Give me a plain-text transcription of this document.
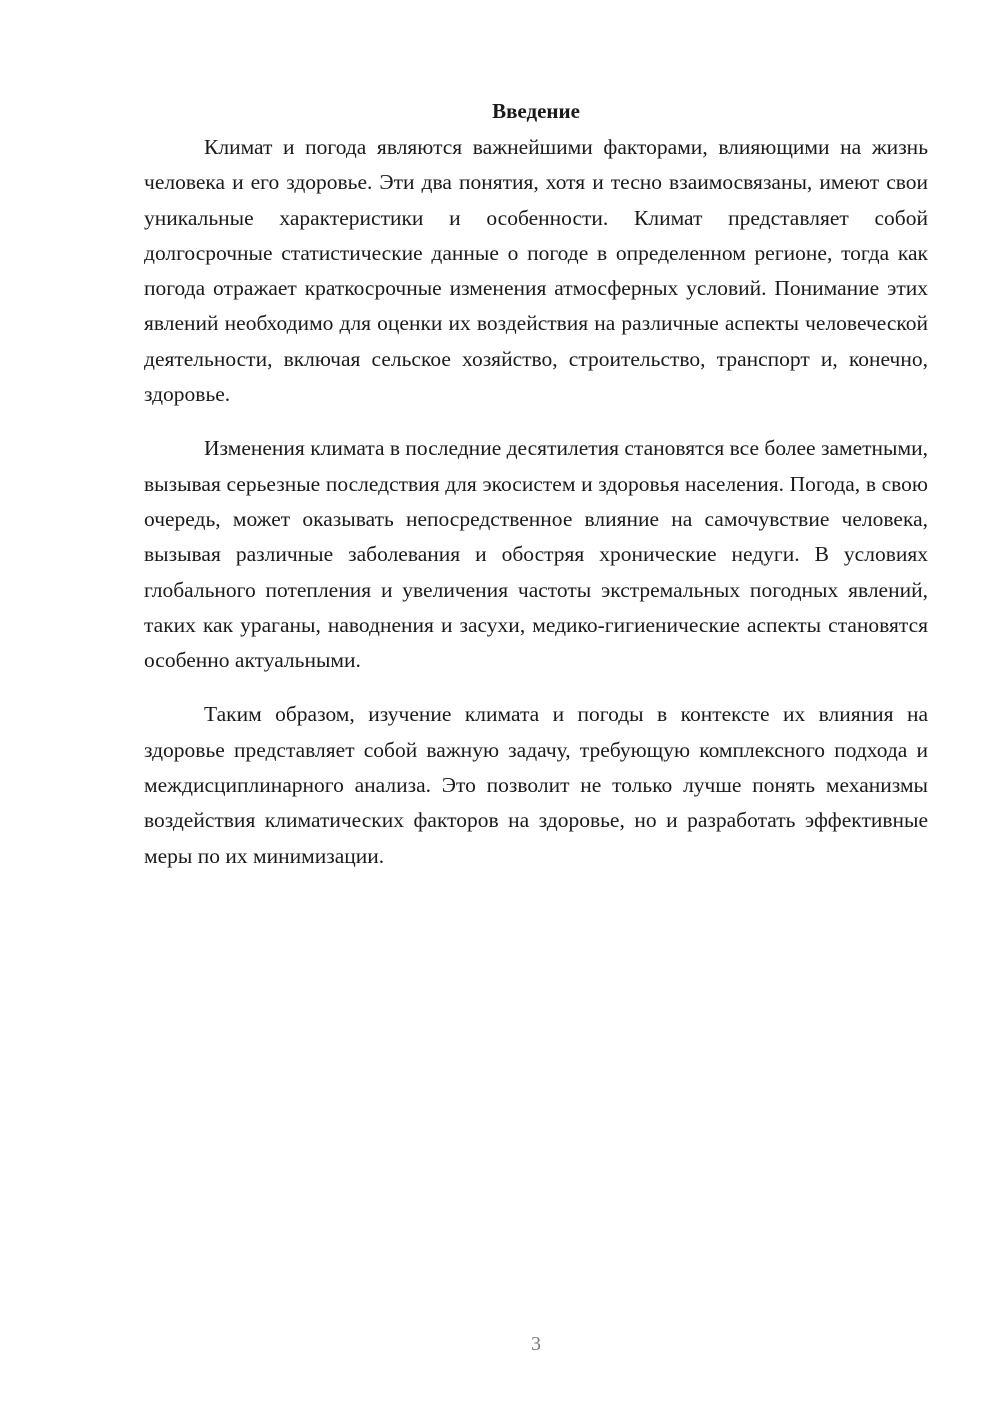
Введение

Климат и погода являются важнейшими факторами, влияющими на жизнь человека и его здоровье. Эти два понятия, хотя и тесно взаимосвязаны, имеют свои уникальные характеристики и особенности. Климат представляет собой долгосрочные статистические данные о погоде в определенном регионе, тогда как погода отражает краткосрочные изменения атмосферных условий. Понимание этих явлений необходимо для оценки их воздействия на различные аспекты человеческой деятельности, включая сельское хозяйство, строительство, транспорт и, конечно, здоровье.

Изменения климата в последние десятилетия становятся все более заметными, вызывая серьезные последствия для экосистем и здоровья населения. Погода, в свою очередь, может оказывать непосредственное влияние на самочувствие человека, вызывая различные заболевания и обостряя хронические недуги. В условиях глобального потепления и увеличения частоты экстремальных погодных явлений, таких как ураганы, наводнения и засухи, медико-гигиенические аспекты становятся особенно актуальными.

Таким образом, изучение климата и погоды в контексте их влияния на здоровье представляет собой важную задачу, требующую комплексного подхода и междисциплинарного анализа. Это позволит не только лучше понять механизмы воздействия климатических факторов на здоровье, но и разработать эффективные меры по их минимизации.

3
